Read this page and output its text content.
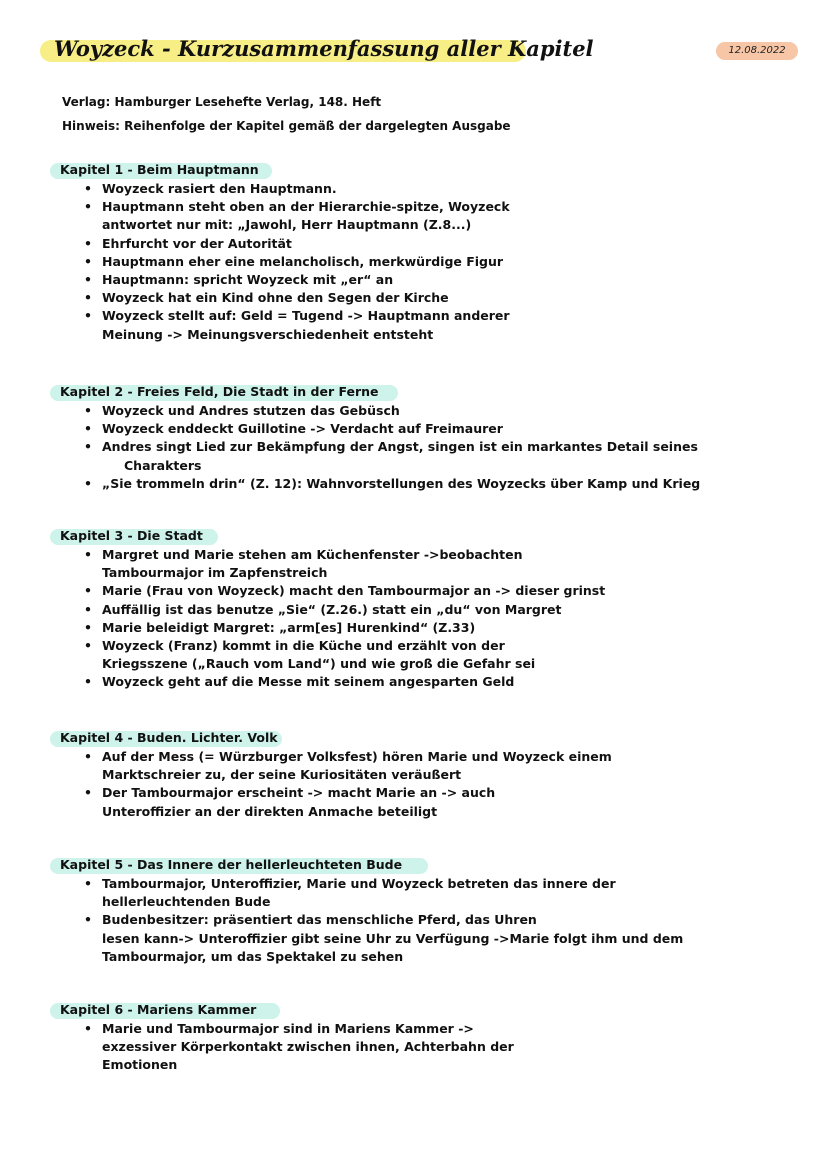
Woyzeck - Kurzusammenfassung aller Kapitel	12.08.2022
Verlag: Hamburger Lesehefte Verlag, 148. Heft
Hinweis: Reihenfolge der Kapitel gemäß der dargelegten Ausgabe
Kapitel 1 - Beim Hauptmann
• Woyzeck rasiert den Hauptmann.
• Hauptmann steht oben an der Hierarchie-spitze, Woyzeck
antwortet nur mit: „Jawohl, Herr Hauptmann (Z.8...)
• Ehrfurcht vor der Autorität
• Hauptmann eher eine melancholisch, merkwürdige Figur
• Hauptmann: spricht Woyzeck mit „er“ an
• Woyzeck hat ein Kind ohne den Segen der Kirche
• Woyzeck stellt auf: Geld = Tugend -> Hauptmann anderer
Meinung -> Meinungsverschiedenheit entsteht
Kapitel 2 - Freies Feld, Die Stadt in der Ferne
• Woyzeck und Andres stutzen das Gebüsch
• Woyzeck enddeckt Guillotine -> Verdacht auf Freimaurer
• Andres singt Lied zur Bekämpfung der Angst, singen ist ein markantes Detail seines
Charakters
• „Sie trommeln drin“ (Z. 12): Wahnvorstellungen des Woyzecks über Kamp und Krieg
Kapitel 3 - Die Stadt
• Margret und Marie stehen am Küchenfenster ->beobachten
Tambourmajor im Zapfenstreich
• Marie (Frau von Woyzeck) macht den Tambourmajor an -> dieser grinst
• Auffällig ist das benutze „Sie“ (Z.26.) statt ein „du“ von Margret
• Marie beleidigt Margret: „arm[es] Hurenkind“ (Z.33)
• Woyzeck (Franz) kommt in die Küche und erzählt von der
Kriegsszene („Rauch vom Land“) und wie groß die Gefahr sei
• Woyzeck geht auf die Messe mit seinem angesparten Geld
Kapitel 4 - Buden. Lichter. Volk
• Auf der Mess (= Würzburger Volksfest) hören Marie und Woyzeck einem
Marktschreier zu, der seine Kuriositäten veräußert
• Der Tambourmajor erscheint -> macht Marie an -> auch
Unteroffizier an der direkten Anmache beteiligt
Kapitel 5 - Das Innere der hellerleuchteten Bude
• Tambourmajor, Unteroffizier, Marie und Woyzeck betreten das innere der
hellerleuchtenden Bude
• Budenbesitzer: präsentiert das menschliche Pferd, das Uhren
lesen kann-> Unteroffizier gibt seine Uhr zu Verfügung ->Marie folgt ihm und dem
Tambourmajor, um das Spektakel zu sehen
Kapitel 6 - Mariens Kammer
• Marie und Tambourmajor sind in Mariens Kammer ->
exzessiver Körperkontakt zwischen ihnen, Achterbahn der
Emotionen
